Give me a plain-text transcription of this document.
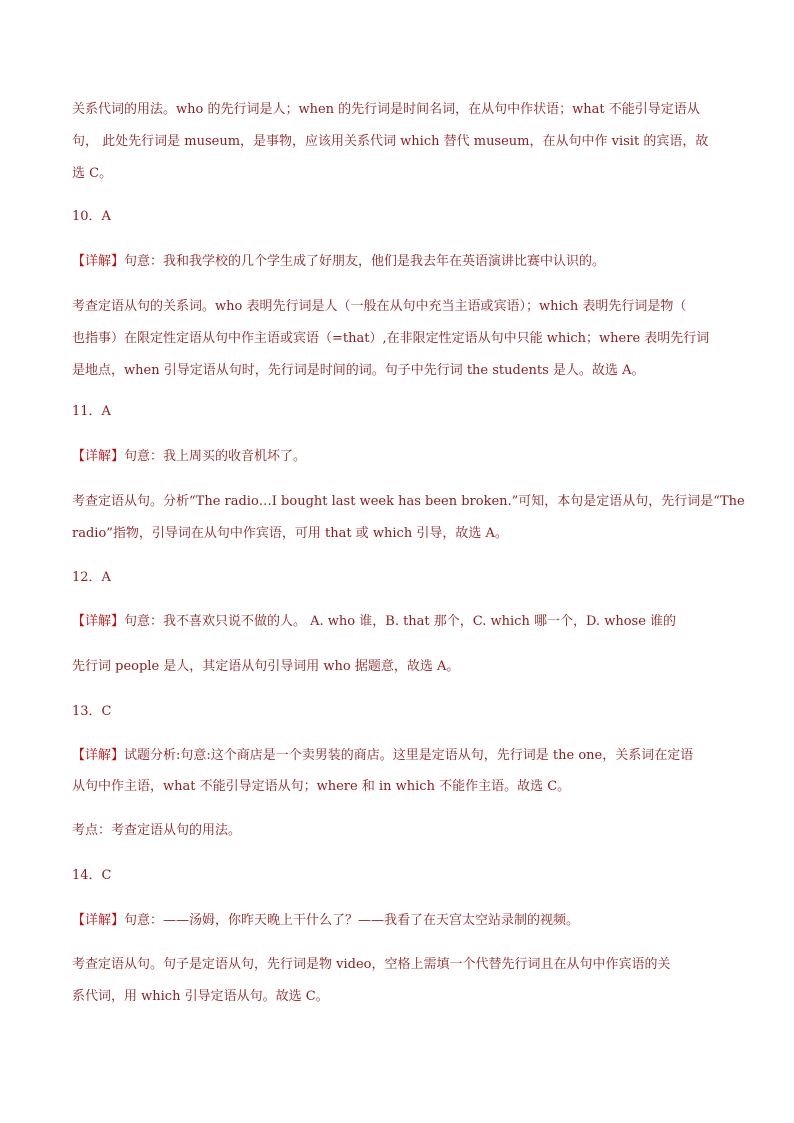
关系代词的用法。who 的先行词是人；when 的先行词是时间名词，在从句中作状语；what 不能引导定语从
句， 此处先行词是 museum，是事物，应该用关系代词 which 替代 museum，在从句中作 visit 的宾语，故
选 C。
10．A
【详解】句意：我和我学校的几个学生成了好朋友，他们是我去年在英语演讲比赛中认识的。
考查定语从句的关系词。who 表明先行词是人（一般在从句中充当主语或宾语）；which 表明先行词是物（
也指事）在限定性定语从句中作主语或宾语（=that）,在非限定性定语从句中只能 which；where 表明先行词
是地点，when 引导定语从句时，先行词是时间的词。句子中先行词 the students 是人。故选 A。
11．A
【详解】句意：我上周买的收音机坏了。
考查定语从句。分析“The radio…I bought last week has been broken.”可知，本句是定语从句，先行词是“The
radio”指物，引导词在从句中作宾语，可用 that 或 which 引导，故选 A。
12．A
【详解】句意：我不喜欢只说不做的人。 A. who 谁，B. that 那个，C. which 哪一个，D. whose 谁的
先行词 people 是人，其定语从句引导词用 who 据题意，故选 A。
13．C
【详解】试题分析:句意:这个商店是一个卖男装的商店。这里是定语从句，先行词是 the one，关系词在定语
从句中作主语，what 不能引导定语从句；where 和 in which 不能作主语。故选 C。
考点：考查定语从句的用法。
14．C
【详解】句意：——汤姆，你昨天晚上干什么了？——我看了在天宫太空站录制的视频。
考查定语从句。句子是定语从句，先行词是物 video，空格上需填一个代替先行词且在从句中作宾语的关
系代词，用 which 引导定语从句。故选 C。
